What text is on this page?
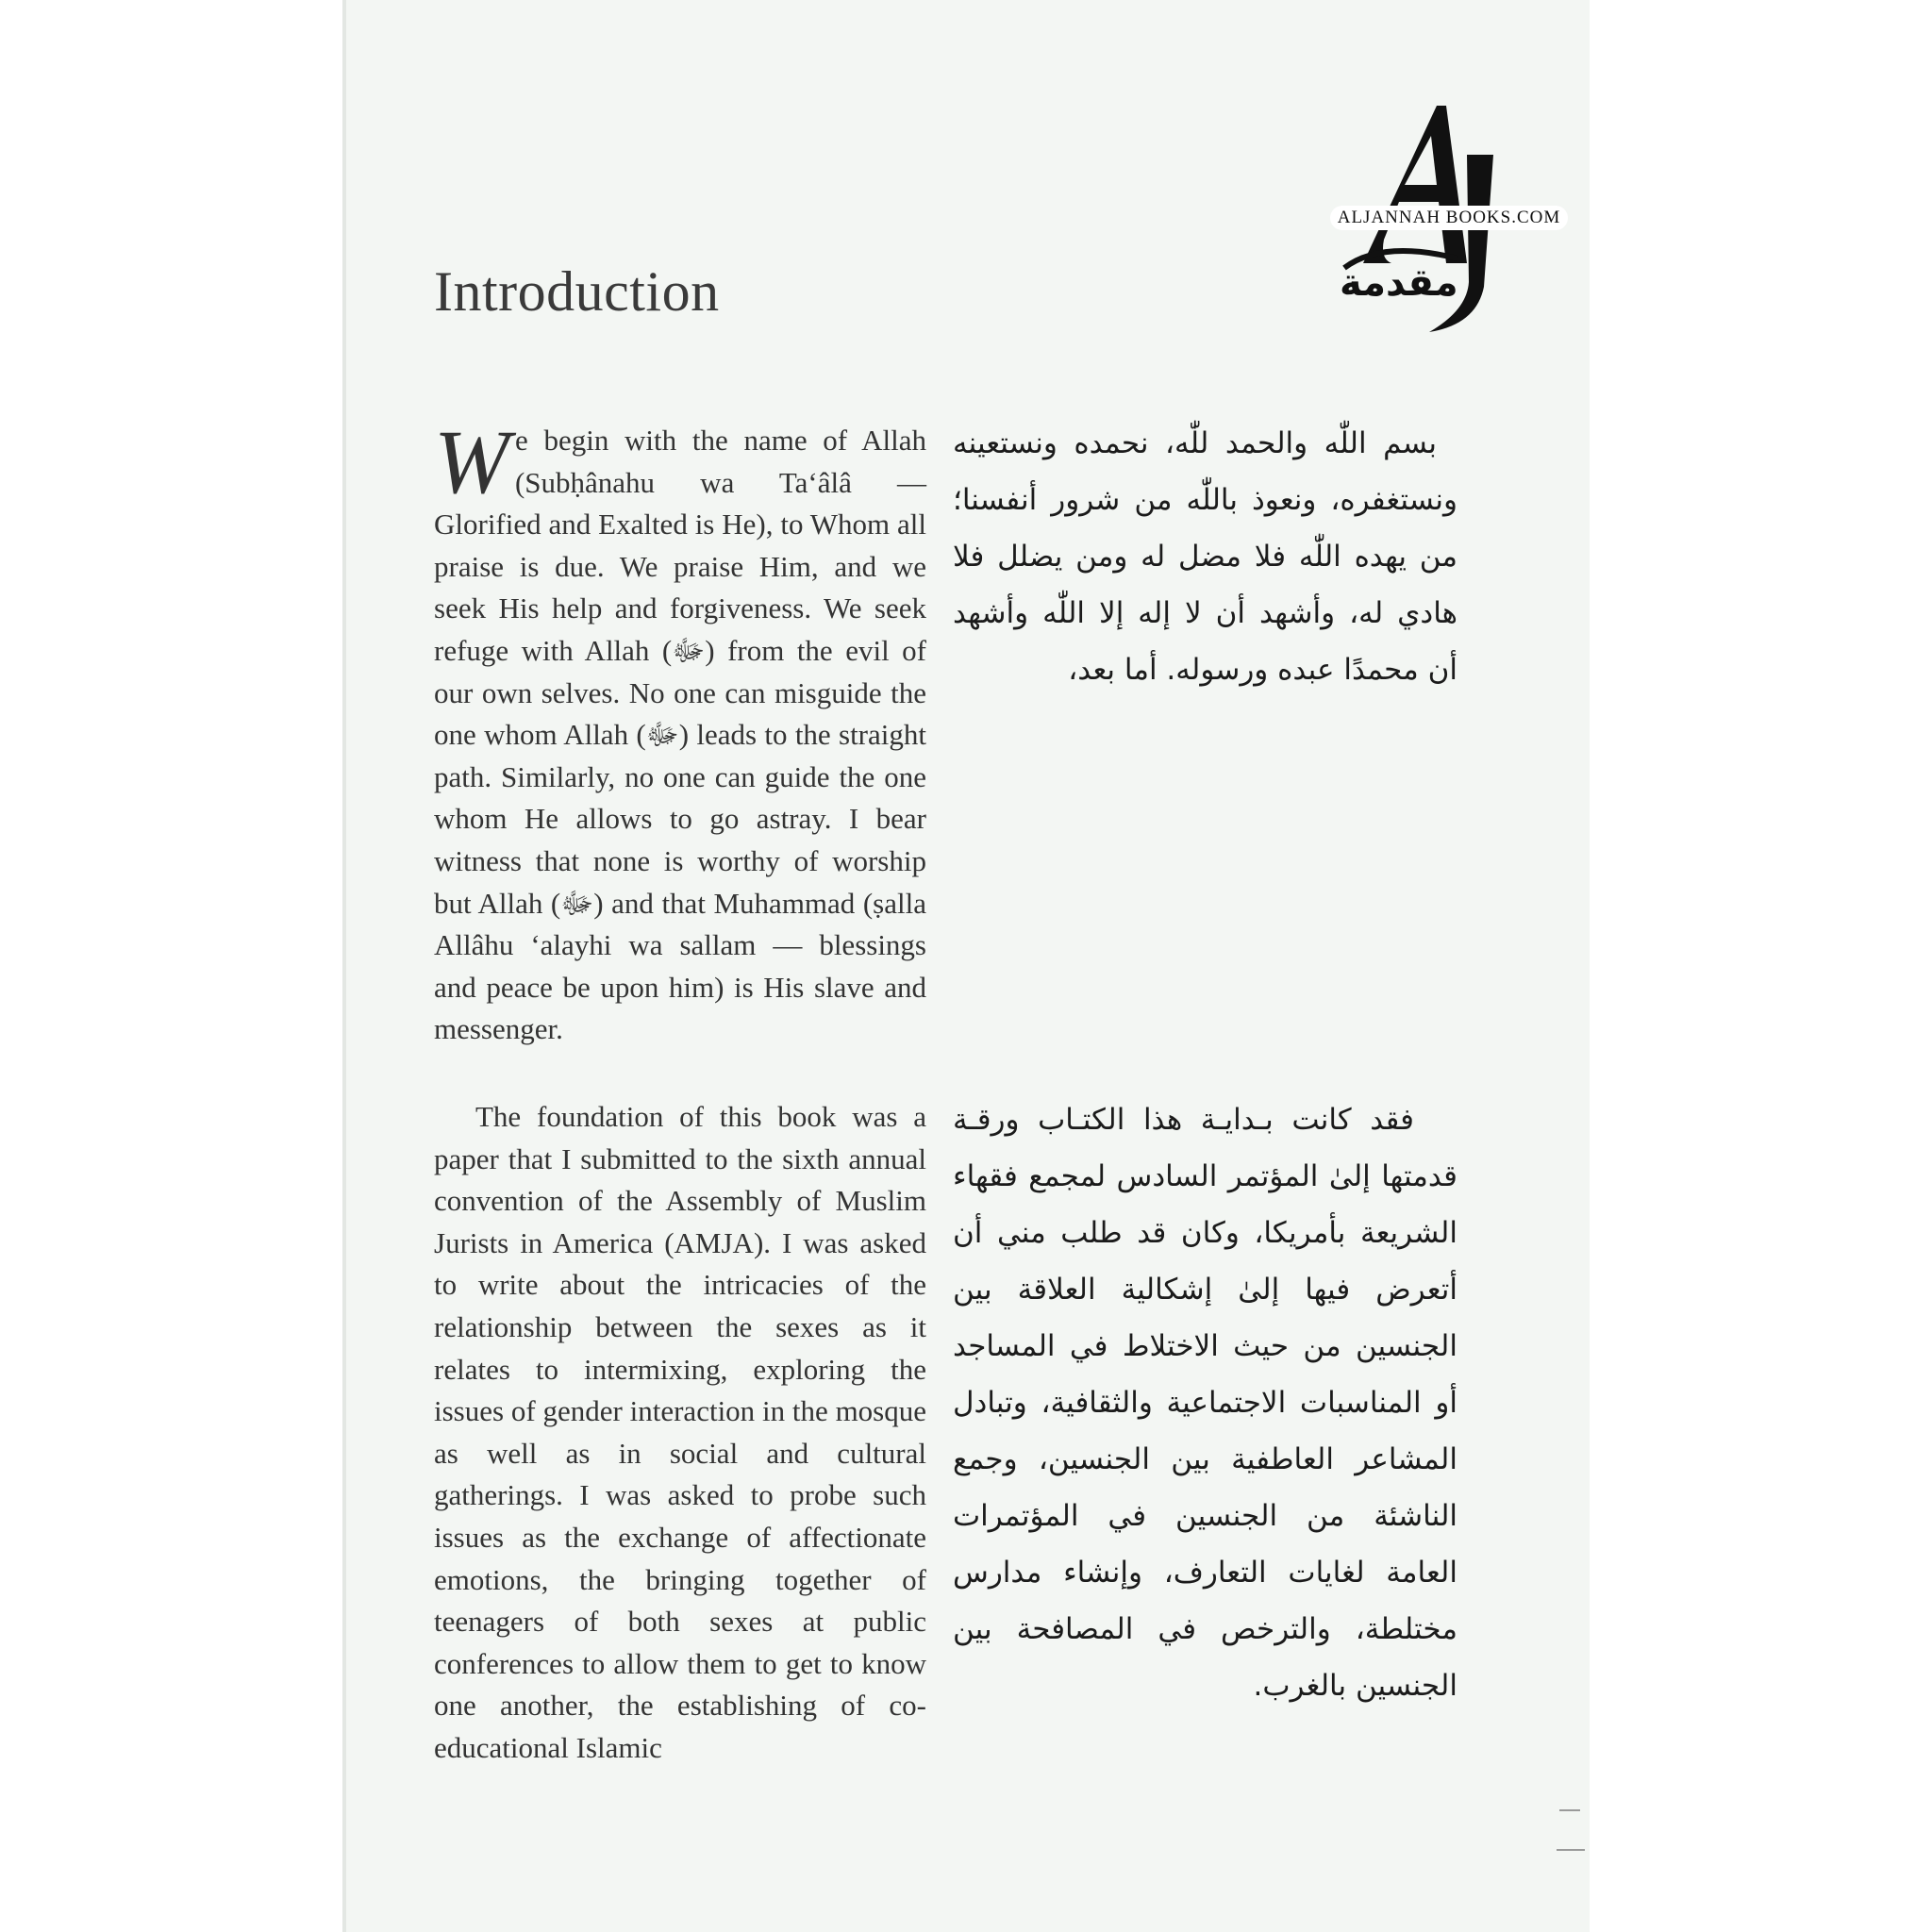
ALJANNAH BOOKS.COM
Introduction	مقدمة
We begin with the name of Allah (Subḥânahu wa Ta‘âlâ — Glorified and Exalted is He), to Whom all praise is due. We praise Him, and we seek His help and forgiveness. We seek refuge with Allah (ﷻ) from the evil of our own selves. No one can misguide the one whom Allah (ﷻ) leads to the straight path. Similarly, no one can guide the one whom He allows to go astray. I bear witness that none is worthy of worship but Allah (ﷻ) and that Muhammad (ṣalla Allâhu ‘alayhi wa sallam — blessings and peace be upon him) is His slave and messenger.
The foundation of this book was a paper that I submitted to the sixth annual convention of the Assembly of Muslim Jurists in America (AMJA). I was asked to write about the intricacies of the relationship between the sexes as it relates to intermixing, exploring the issues of gender interaction in the mosque as well as in social and cultural gatherings. I was asked to probe such issues as the exchange of affectionate emotions, the bringing together of teenagers of both sexes at public conferences to allow them to get to know one another, the establishing of co-educational Islamic
بسم اللّٰه والحمد للّٰه، نحمده ونستعينه ونستغفره، ونعوذ باللّٰه من شرور أنفسنا؛ من يهده اللّٰه فلا مضل له ومن يضلل فلا هادي له، وأشهد أن لا إله إلا اللّٰه وأشهد أن محمدًا عبده ورسوله. أما بعد،
فقد كانت بـدايـة هذا الكتـاب ورقـة قدمتها إلىٰ المؤتمر السادس لمجمع فقهاء الشريعة بأمريكا، وكان قد طلب مني أن أتعرض فيها إلىٰ إشكالية العلاقة بين الجنسين من حيث الاختلاط في المساجد أو المناسبات الاجتماعية والثقافية، وتبادل المشاعر العاطفية بين الجنسين، وجمع الناشئة من الجنسين في المؤتمرات العامة لغايات التعارف، وإنشاء مدارس مختلطة، والترخص في المصافحة بين الجنسين بالغرب.
